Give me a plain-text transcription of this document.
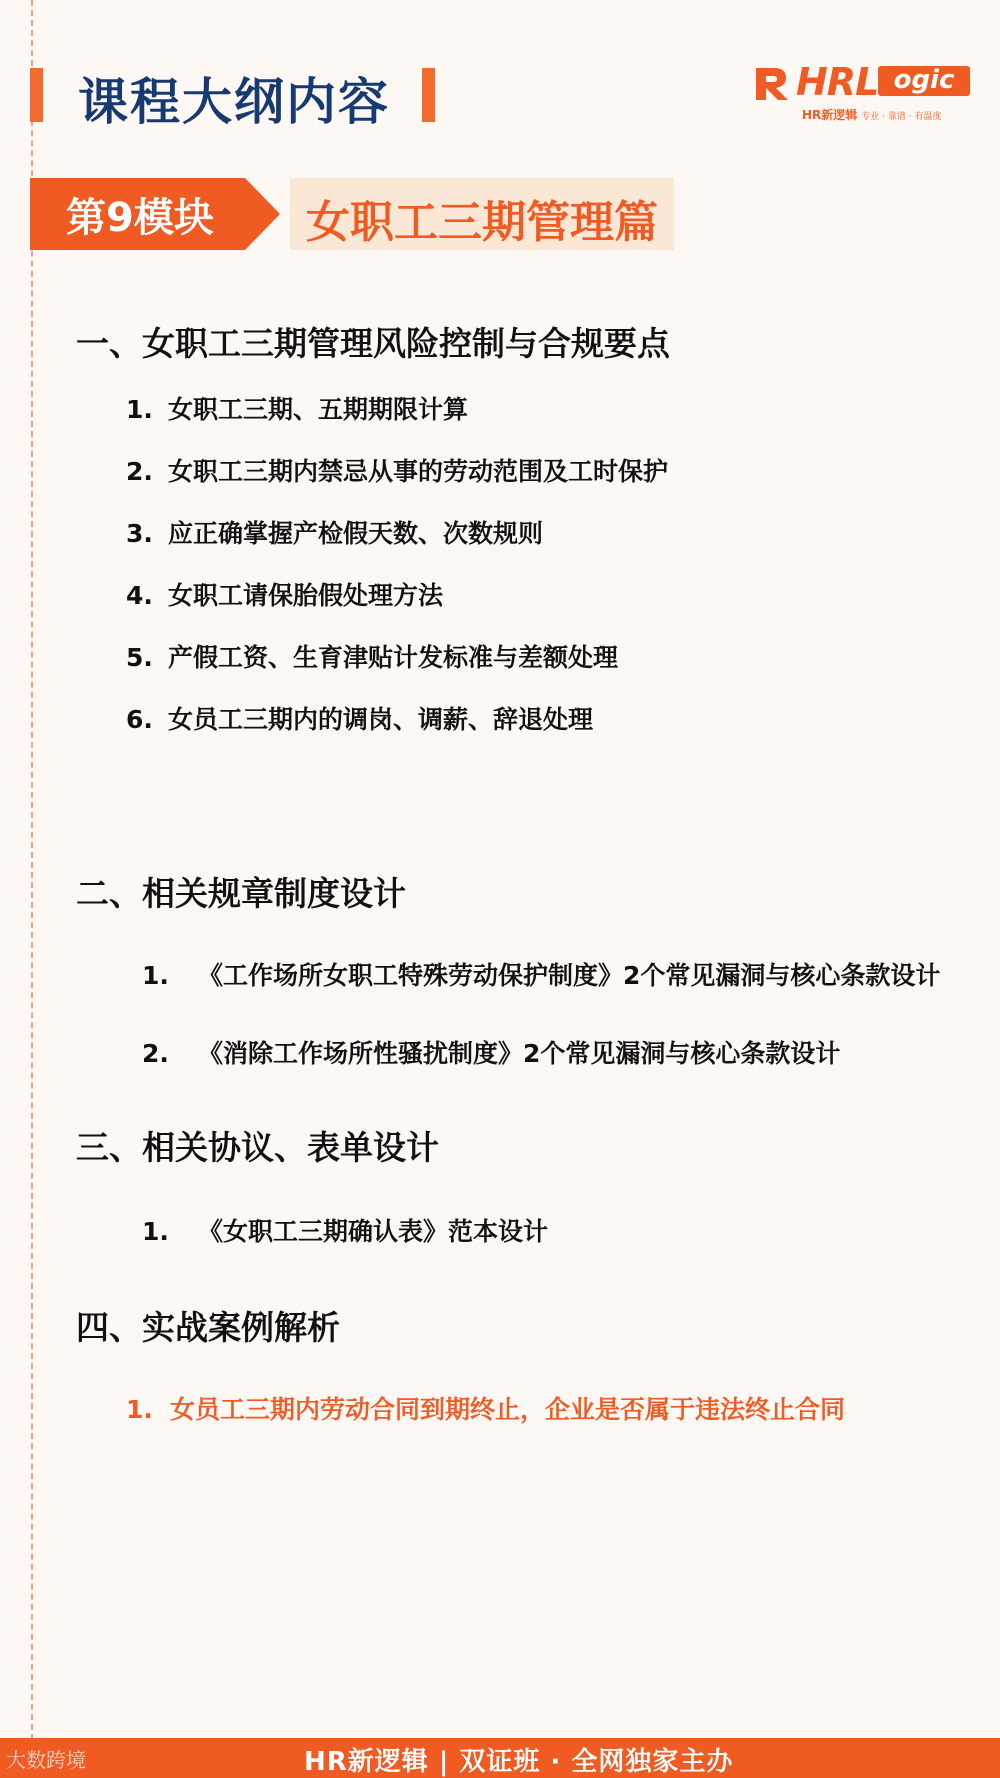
课程大纲内容	HRL ogic
HR新逻辑 专业 · 靠谱 · 有温度
第9模块 女职工三期管理篇
一、女职工三期管理风险控制与合规要点
1. 女职工三期、五期期限计算
2. 女职工三期内禁忌从事的劳动范围及工时保护
3. 应正确掌握产检假天数、次数规则
4. 女职工请保胎假处理方法
5. 产假工资、生育津贴计发标准与差额处理
6. 女员工三期内的调岗、调薪、辞退处理
二、相关规章制度设计
1. 《工作场所女职工特殊劳动保护制度》2个常见漏洞与核心条款设计
2. 《消除工作场所性骚扰制度》2个常见漏洞与核心条款设计
三、相关协议、表单设计
1. 《女职工三期确认表》范本设计
四、实战案例解析
1. 女员工三期内劳动合同到期终止，企业是否属于违法终止合同
大数跨境	HR新逻辑 | 双证班 · 全网独家主办
